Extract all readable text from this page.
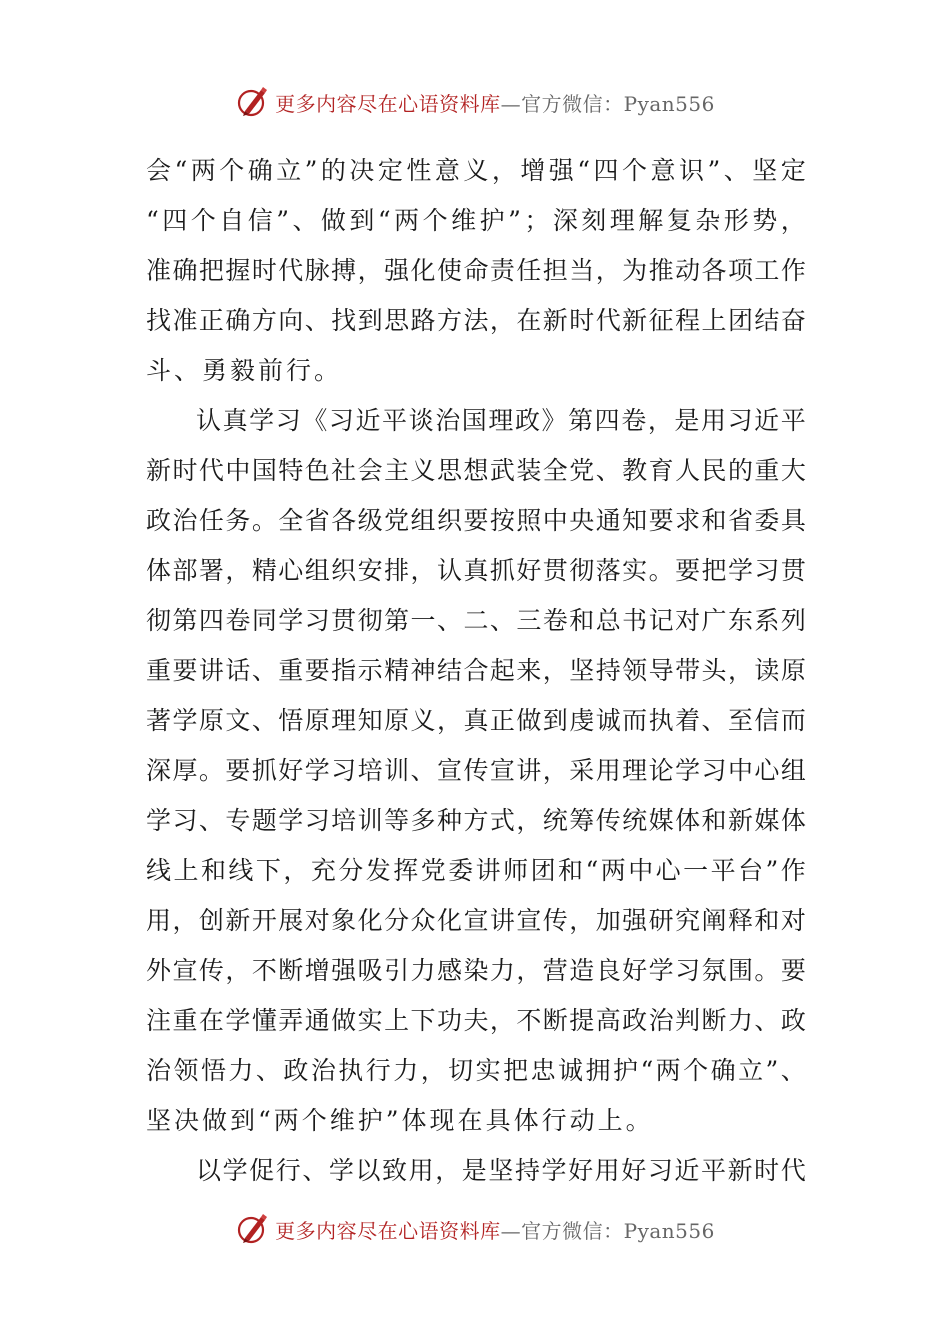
更多内容尽在心语资料库—官方微信：Pyan556
会 “ 两 个 确 立 ” 的 决 定 性 意 义 ， 增 强 “ 四 个 意 识 ” 、 坚 定
“ 四 个 自 信 ” 、 做 到 “ 两 个 维 护 ” ； 深 刻 理 解 复 杂 形 势 ，
准 确 把 握 时 代 脉 搏 ， 强 化 使 命 责 任 担 当 ， 为 推 动 各 项 工 作
找 准 正 确 方 向 、 找 到 思 路 方 法 ， 在 新 时 代 新 征 程 上 团 结 奋
斗、勇毅前行。
认 真 学 习 《 习 近 平 谈 治 国 理 政 》 第 四 卷 ， 是 用 习 近 平
新 时 代 中 国 特 色 社 会 主 义 思 想 武 装 全 党 、 教 育 人 民 的 重 大
政 治 任 务 。 全 省 各 级 党 组 织 要 按 照 中 央 通 知 要 求 和 省 委 具
体 部 署 ， 精 心 组 织 安 排 ， 认 真 抓 好 贯 彻 落 实 。 要 把 学 习 贯
彻 第 四 卷 同 学 习 贯 彻 第 一 、 二 、 三 卷 和 总 书 记 对 广 东 系 列
重 要 讲 话 、 重 要 指 示 精 神 结 合 起 来 ， 坚 持 领 导 带 头 ， 读 原
著 学 原 文 、 悟 原 理 知 原 义 ， 真 正 做 到 虔 诚 而 执 着 、 至 信 而
深 厚 。 要 抓 好 学 习 培 训 、 宣 传 宣 讲 ， 采 用 理 论 学 习 中 心 组
学 习 、 专 题 学 习 培 训 等 多 种 方 式 ， 统 筹 传 统 媒 体 和 新 媒 体
线 上 和 线 下 ， 充 分 发 挥 党 委 讲 师 团 和 “ 两 中 心 一 平 台 ” 作
用 ， 创 新 开 展 对 象 化 分 众 化 宣 讲 宣 传 ， 加 强 研 究 阐 释 和 对
外 宣 传 ， 不 断 增 强 吸 引 力 感 染 力 ， 营 造 良 好 学 习 氛 围 。 要
注 重 在 学 懂 弄 通 做 实 上 下 功 夫 ， 不 断 提 高 政 治 判 断 力 、 政
治 领 悟 力 、 政 治 执 行 力 ， 切 实 把 忠 诚 拥 护 “ 两 个 确 立 ” 、
坚决做到“两个维护”体现在具体行动上。
以 学 促 行 、 学 以 致 用 ， 是 坚 持 学 好 用 好 习 近 平 新 时 代
更多内容尽在心语资料库—官方微信：Pyan556
